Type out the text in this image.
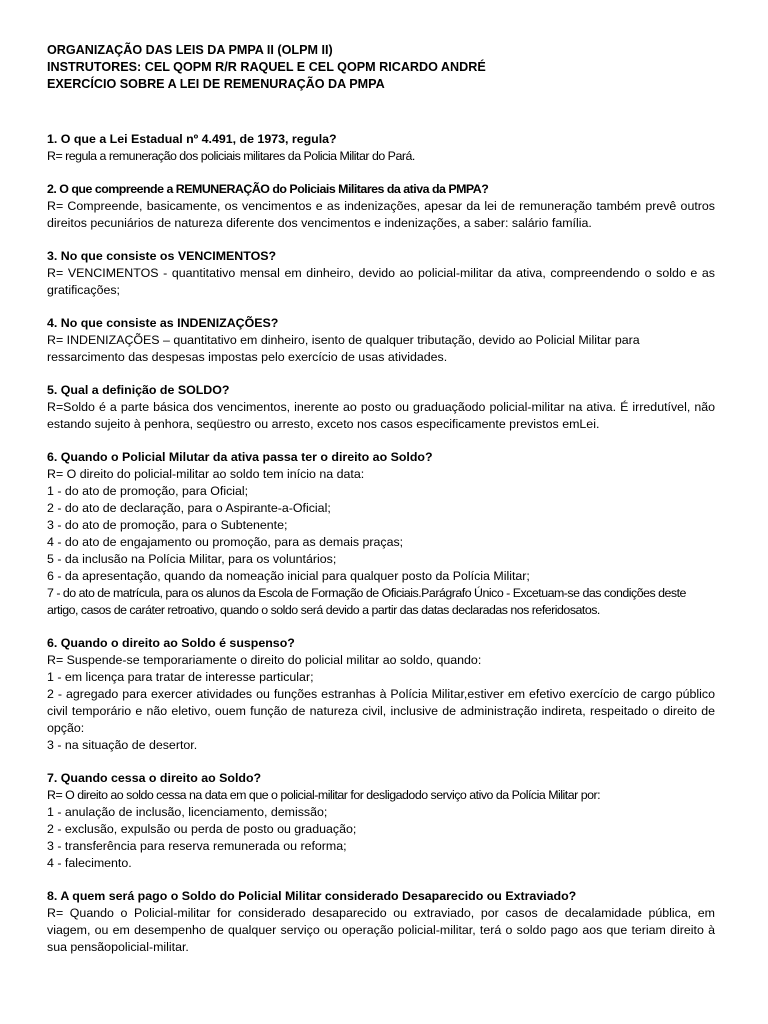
ORGANIZAÇÃO DAS LEIS DA PMPA II (OLPM II)
INSTRUTORES: CEL QOPM R/R RAQUEL E CEL QOPM RICARDO ANDRÉ
EXERCÍCIO SOBRE A LEI DE REMENURAÇÃO DA PMPA
1. O que a Lei Estadual nº 4.491, de 1973, regula?
R= regula a remuneração dos policiais militares da Policia Militar do Pará.
2. O que compreende a REMUNERAÇÃO do Policiais Militares da ativa da PMPA?
R= Compreende, basicamente, os vencimentos e as indenizações, apesar da lei de remuneração também prevê outros direitos pecuniários de natureza diferente dos vencimentos e indenizações, a saber: salário família.
3. No que consiste os VENCIMENTOS?
R= VENCIMENTOS - quantitativo mensal em dinheiro, devido ao policial-militar da ativa, compreendendo o soldo e as gratificações;
4. No que consiste as INDENIZAÇÕES?
R= INDENIZAÇÕES – quantitativo em dinheiro, isento de qualquer tributação, devido ao Policial Militar para ressarcimento das despesas impostas pelo exercício de usas atividades.
5. Qual a definição de SOLDO?
R=Soldo é a parte básica dos vencimentos, inerente ao posto ou graduaçãodo policial-militar na ativa. É irredutível, não estando sujeito à penhora, seqüestro ou arresto, exceto nos casos especificamente previstos emLei.
6. Quando o Policial Milutar da ativa passa ter o direito ao Soldo?
R= O direito do policial-militar ao soldo tem início na data:
1 - do ato de promoção, para Oficial;
2 - do ato de declaração, para o Aspirante-a-Oficial;
3 - do ato de promoção, para o Subtenente;
4 - do ato de engajamento ou promoção, para as demais praças;
5 - da inclusão na Polícia Militar, para os voluntários;
6 - da apresentação, quando da nomeação inicial para qualquer posto da Polícia Militar;
7 - do ato de matrícula, para os alunos da Escola de Formação de Oficiais.Parágrafo Único - Excetuam-se das condições deste artigo, casos de caráter retroativo, quando o soldo será devido a partir das datas declaradas nos referidosatos.
6. Quando o direito ao Soldo é suspenso?
R= Suspende-se temporariamente o direito do policial militar ao soldo, quando:
1 - em licença para tratar de interesse particular;
2 - agregado para exercer atividades ou funções estranhas à Polícia Militar,estiver em efetivo exercício de cargo público civil temporário e não eletivo, ouem função de natureza civil, inclusive de administração indireta, respeitado o direito de opção:
3 - na situação de desertor.
7. Quando cessa o direito ao Soldo?
R= O direito ao soldo cessa na data em que o policial-militar for desligadodo serviço ativo da Polícia Militar por:
1 - anulação de inclusão, licenciamento, demissão;
2 - exclusão, expulsão ou perda de posto ou graduação;
3 - transferência para reserva remunerada ou reforma;
4 - falecimento.
8. A quem será pago o Soldo do Policial Militar considerado Desaparecido ou Extraviado?
R= Quando o Policial-militar for considerado desaparecido ou extraviado, por casos de decalamidade pública, em viagem, ou em desempenho de qualquer serviço ou operação policial-militar, terá o soldo pago aos que teriam direito à sua pensãopolicial-militar.
